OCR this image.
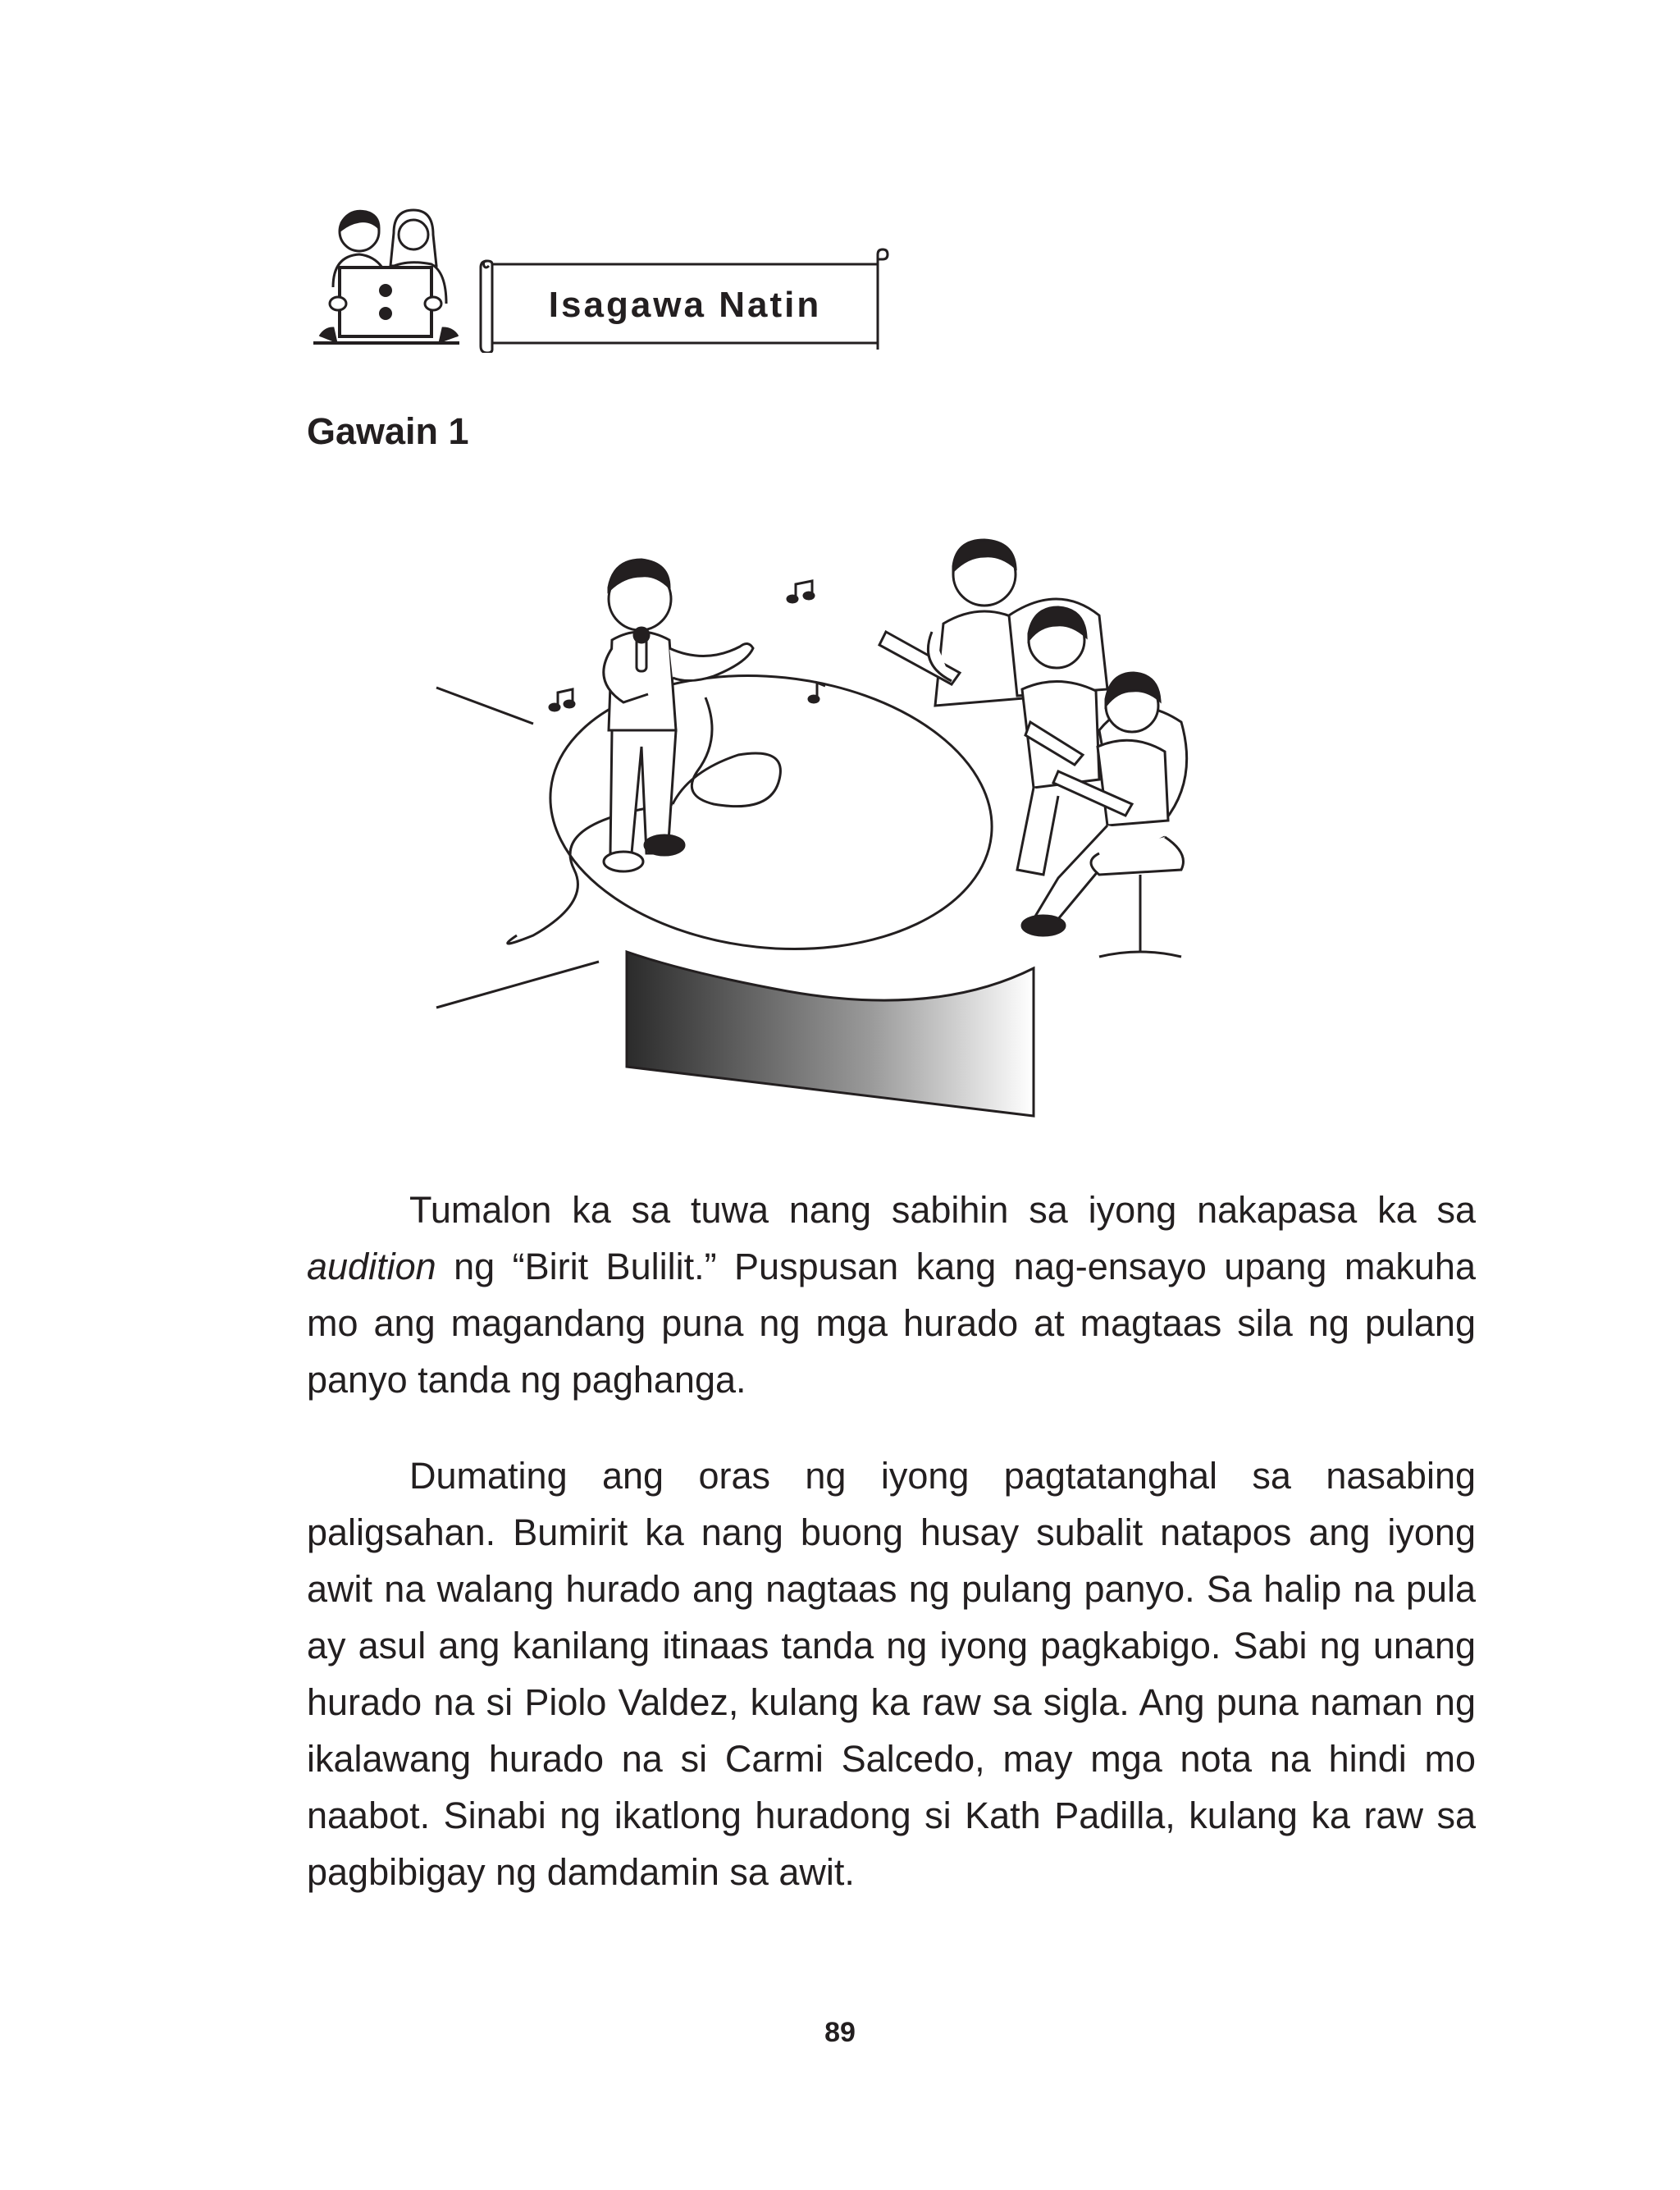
Isagawa Natin
Gawain 1

Tumalon ka sa tuwa nang sabihin sa iyong nakapasa ka sa audition ng “Birit Bulilit.” Puspusan kang nag-ensayo upang makuha mo ang magandang puna ng mga hurado at magtaas sila ng pulang panyo tanda ng paghanga.

Dumating ang oras ng iyong pagtatanghal sa nasabing paligsahan. Bumirit ka nang buong husay subalit natapos ang iyong awit na walang hurado ang nagtaas ng pulang panyo. Sa halip na pula ay asul ang kanilang itinaas tanda ng iyong pagkabigo. Sabi ng unang hurado na si Piolo Valdez, kulang ka raw sa sigla. Ang puna naman ng ikalawang hurado na si Carmi Salcedo, may mga nota na hindi mo naabot. Sinabi ng ikatlong huradong si Kath Padilla, kulang ka raw sa pagbibigay ng damdamin sa awit.

89
